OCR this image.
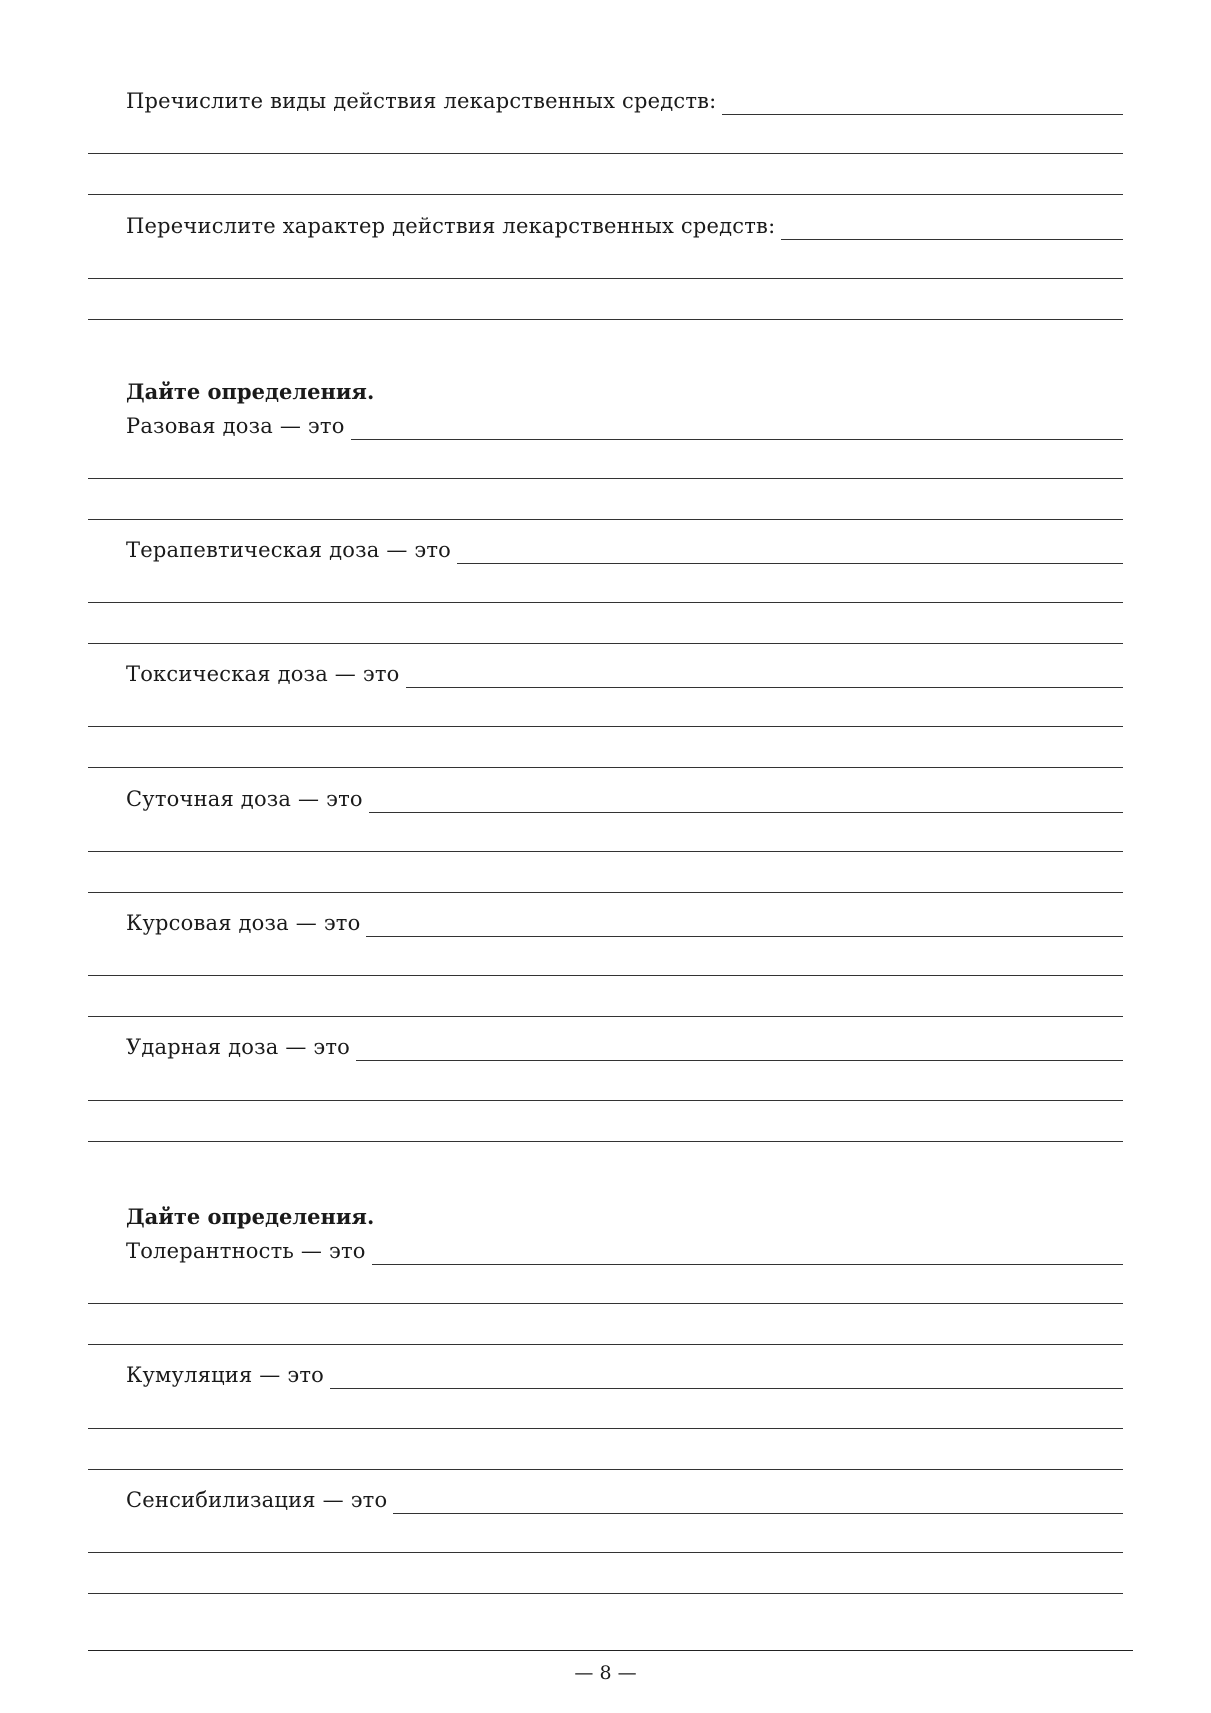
Пречислите виды действия лекарственных средств:
Перечислите характер действия лекарственных средств:
Дайте определения.
Разовая доза — это
Терапевтическая доза — это
Токсическая доза — это
Суточная доза — это
Курсовая доза — это
Ударная доза — это
Дайте определения.
Толерантность — это
Кумуляция — это
Сенсибилизация — это
— 8 —
